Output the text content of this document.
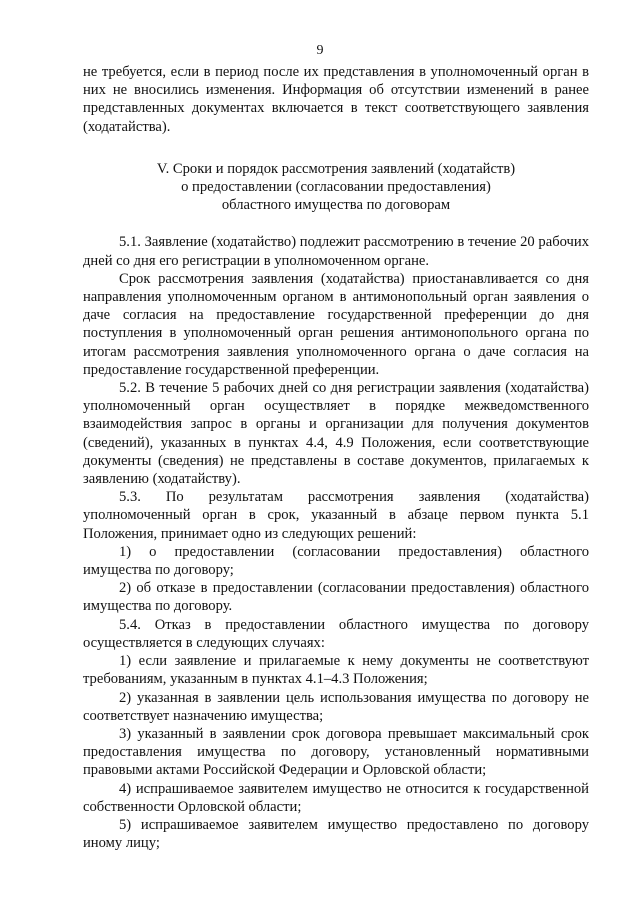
9

не требуется, если в период после их представления в уполномоченный орган в них не вносились изменения. Информация об отсутствии изменений в ранее представленных документах включается в текст соответствующего заявления (ходатайства).

V. Сроки и порядок рассмотрения заявлений (ходатайств)
о предоставлении (согласовании предоставления)
областного имущества по договорам

5.1. Заявление (ходатайство) подлежит рассмотрению в течение 20 рабочих дней со дня его регистрации в уполномоченном органе.

Срок рассмотрения заявления (ходатайства) приостанавливается со дня направления уполномоченным органом в антимонопольный орган заявления о даче согласия на предоставление государственной преференции до дня поступления в уполномоченный орган решения антимонопольного органа по итогам рассмотрения заявления уполномоченного органа о даче согласия на предоставление государственной преференции.

5.2. В течение 5 рабочих дней со дня регистрации заявления (ходатайства) уполномоченный орган осуществляет в порядке межведомственного взаимодействия запрос в органы и организации для получения документов (сведений), указанных в пунктах 4.4, 4.9 Положения, если соответствующие документы (сведения) не представлены в составе документов, прилагаемых к заявлению (ходатайству).

5.3. По результатам рассмотрения заявления (ходатайства) уполномоченный орган в срок, указанный в абзаце первом пункта 5.1 Положения, принимает одно из следующих решений:

1) о предоставлении (согласовании предоставления) областного имущества по договору;

2) об отказе в предоставлении (согласовании предоставления) областного имущества по договору.

5.4. Отказ в предоставлении областного имущества по договору осуществляется в следующих случаях:

1) если заявление и прилагаемые к нему документы не соответствуют требованиям, указанным в пунктах 4.1–4.3 Положения;

2) указанная в заявлении цель использования имущества по договору не соответствует назначению имущества;

3) указанный в заявлении срок договора превышает максимальный срок предоставления имущества по договору, установленный нормативными правовыми актами Российской Федерации и Орловской области;

4) испрашиваемое заявителем имущество не относится к государственной собственности Орловской области;

5) испрашиваемое заявителем имущество предоставлено по договору иному лицу;
